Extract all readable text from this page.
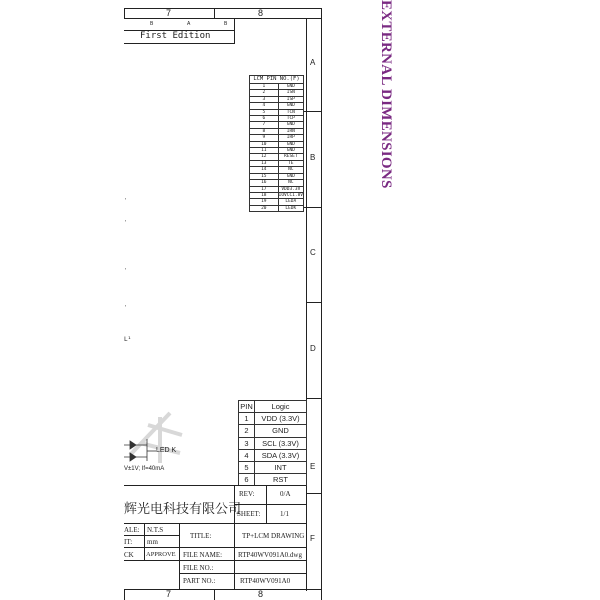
7	8
7	8
A
B
C
D
E
F
B	A	B
First Edition	EXTERNAL DIMENSIONS
LCM PIN NO.(F)	
1	GND
2	ISN
3	ISP
4	GND
5	TCN
6	TCP
7	GND
8	IRN
9	IRP
10	GND
11	GND
12	RESET
13	TE
14	NC
15	GND
16	NC
17	VDD3.3V
18	IOVCC1.8V
19	LEDA
20	LEDK
'
'
'
'
L¹
LED K
V±1V; If=40mA
PIN	Logic
1	VDD (3.3V)
2	GND
3	SCL (3.3V)
4	SDA (3.3V)
5	INT
6	RST
辉光电科技有限公司
REV:	0/A
SHEET:	1/1
ALE: N.T.S
IT: mm
CK APPROVE
TITLE:	TP+LCM DRAWING
FILE NAME: RTP40WV091A0.dwg
FILE NO.:
PART NO.:	RTP40WV091A0
